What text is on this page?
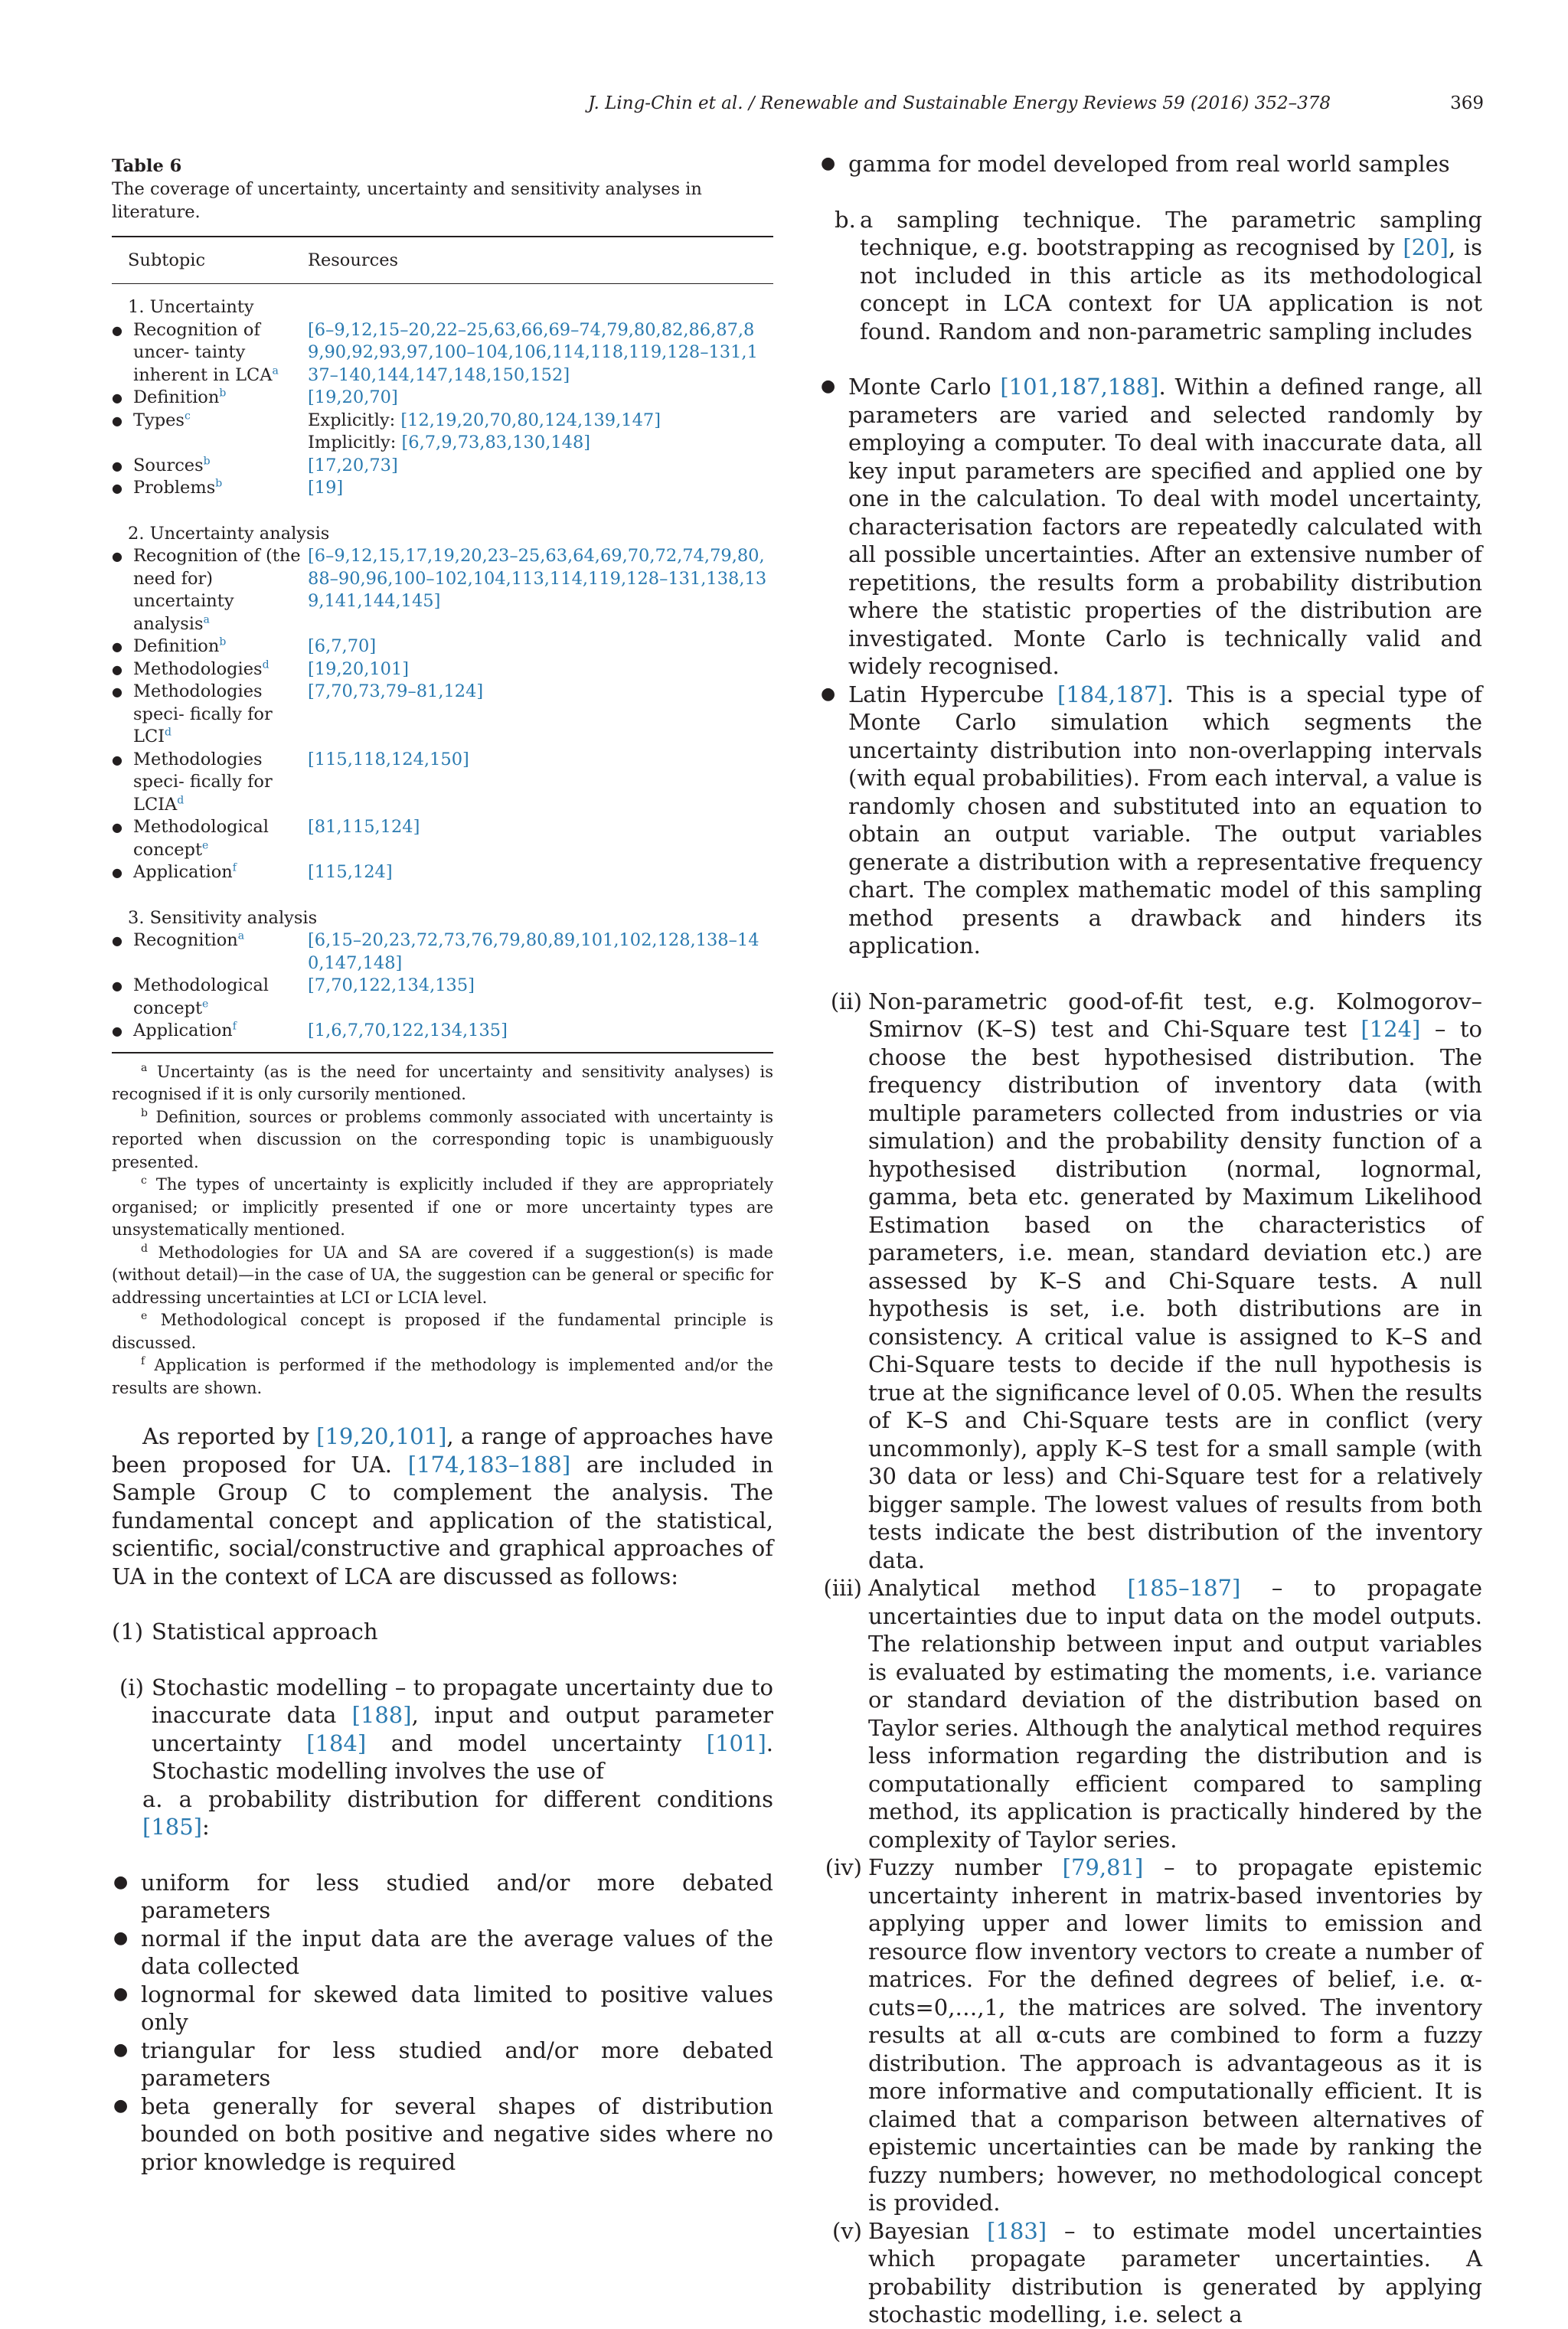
J. Ling-Chin et al. / Renewable and Sustainable Energy Reviews 59 (2016) 352–378	369
Table 6
The coverage of uncertainty, uncertainty and sensitivity analyses in literature.
Subtopic	Resources
1. Uncertainty
● Recognition of uncer- tainty inherent in LCA$^a$
[6–9,12,15–20,22–25,63,66,69–74,79,80,82,86,87,89,90,92,93,97,100–104,106,114,118,119,128–131,137–140,144,147,148,150,152]
● Definition$^b$	[19,20,70]
● Types$^c$	Explicitly: [12,19,20,70,80,124,139,147]
Implicitly: [6,7,9,73,83,130,148]
● Sources$^b$	[17,20,73]
● Problems$^b$	[19]
2. Uncertainty analysis
● Recognition of (the need for) uncertainty analysis$^a$
[6–9,12,15,17,19,20,23–25,63,64,69,70,72,74,79,80,88–90,96,100–102,104,113,114,119,128–131,138,139,141,144,145]
● Definition$^b$	[6,7,70]
● Methodologies$^d$	[19,20,101]
● Methodologies speci- fically for LCI$^d$
[7,70,73,79–81,124]
● Methodologies speci- fically for LCIA$^d$
[115,118,124,150]
● Methodological concept$^e$
[81,115,124]
● Application$^f$	[115,124]
3. Sensitivity analysis
● Recognition$^a$	[6,15–20,23,72,73,76,79,80,89,101,102,128,138–140,147,148]
● Methodological concept$^e$
[7,70,122,134,135]
● Application$^f$	[1,6,7,70,122,134,135]

$^a$ Uncertainty (as is the need for uncertainty and sensitivity analyses) is recognised if it is only cursorily mentioned.

$^b$ Definition, sources or problems commonly associated with uncertainty is reported when discussion on the corresponding topic is unambiguously presented.

$^c$ The types of uncertainty is explicitly included if they are appropriately organised; or implicitly presented if one or more uncertainty types are unsystematically mentioned.

$^d$ Methodologies for UA and SA are covered if a suggestion(s) is made (without detail)—in the case of UA, the suggestion can be general or specific for addressing uncertainties at LCI or LCIA level.

$^e$ Methodological concept is proposed if the fundamental principle is discussed.

$^f$ Application is performed if the methodology is implemented and/or the results are shown.

As reported by [19,20,101], a range of approaches have been proposed for UA. [174,183–188] are included in Sample Group C to complement the analysis. The fundamental concept and application of the statistical, scientific, social/constructive and graphical approaches of UA in the context of LCA are discussed as follows:

(1) Statistical approach
(i) Stochastic modelling – to propagate uncertainty due to inaccurate data [188], input and output parameter uncertainty [184] and model uncertainty [101]. Stochastic modelling involves the use of
a. a probability distribution for different conditions [185]:
● uniform for less studied and/or more debated parameters
● normal if the input data are the average values of the data collected
● lognormal for skewed data limited to positive values only
● triangular for less studied and/or more debated parameters
● beta generally for several shapes of distribution bounded on both positive and negative sides where no prior knowledge is required
● gamma for model developed from real world samples
b. a sampling technique. The parametric sampling technique, e.g. bootstrapping as recognised by [20], is not included in this article as its methodological concept in LCA context for UA application is not found. Random and non-parametric sampling includes
● Monte Carlo [101,187,188]. Within a defined range, all parameters are varied and selected randomly by employing a computer. To deal with inaccurate data, all key input parameters are specified and applied one by one in the calculation. To deal with model uncertainty, characterisation factors are repeatedly calculated with all possible uncertainties. After an extensive number of repetitions, the results form a probability distribution where the statistic properties of the distribution are investigated. Monte Carlo is technically valid and widely recognised.
● Latin Hypercube [184,187]. This is a special type of Monte Carlo simulation which segments the uncertainty distribution into non-overlapping intervals (with equal probabilities). From each interval, a value is randomly chosen and substituted into an equation to obtain an output variable. The output variables generate a distribution with a representative frequency chart. The complex mathematic model of this sampling method presents a drawback and hinders its application.
(ii) Non-parametric good-of-fit test, e.g. Kolmogorov–Smirnov (K–S) test and Chi-Square test [124] – to choose the best hypothesised distribution. The frequency distribution of inventory data (with multiple parameters collected from industries or via simulation) and the probability density function of a hypothesised distribution (normal, lognormal, gamma, beta etc. generated by Maximum Likelihood Estimation based on the characteristics of parameters, i.e. mean, standard deviation etc.) are assessed by K–S and Chi-Square tests. A null hypothesis is set, i.e. both distributions are in consistency. A critical value is assigned to K–S and Chi-Square tests to decide if the null hypothesis is true at the significance level of 0.05. When the results of K–S and Chi-Square tests are in conflict (very uncommonly), apply K–S test for a small sample (with 30 data or less) and Chi-Square test for a relatively bigger sample. The lowest values of results from both tests indicate the best distribution of the inventory data.
(iii) Analytical method [185–187] – to propagate uncertainties due to input data on the model outputs. The relationship between input and output variables is evaluated by estimating the moments, i.e. variance or standard deviation of the distribution based on Taylor series. Although the analytical method requires less information regarding the distribution and is computationally efficient compared to sampling method, its application is practically hindered by the complexity of Taylor series.
(iv) Fuzzy number [79,81] – to propagate epistemic uncertainty inherent in matrix-based inventories by applying upper and lower limits to emission and resource flow inventory vectors to create a number of matrices. For the defined degrees of belief, i.e. α-cuts=0,…,1, the matrices are solved. The inventory results at all α-cuts are combined to form a fuzzy distribution. The approach is advantageous as it is more informative and computationally efficient. It is claimed that a comparison between alternatives of epistemic uncertainties can be made by ranking the fuzzy numbers; however, no methodological concept is provided.
(v) Bayesian [183] – to estimate model uncertainties which propagate parameter uncertainties. A probability distribution is generated by applying stochastic modelling, i.e. select a
